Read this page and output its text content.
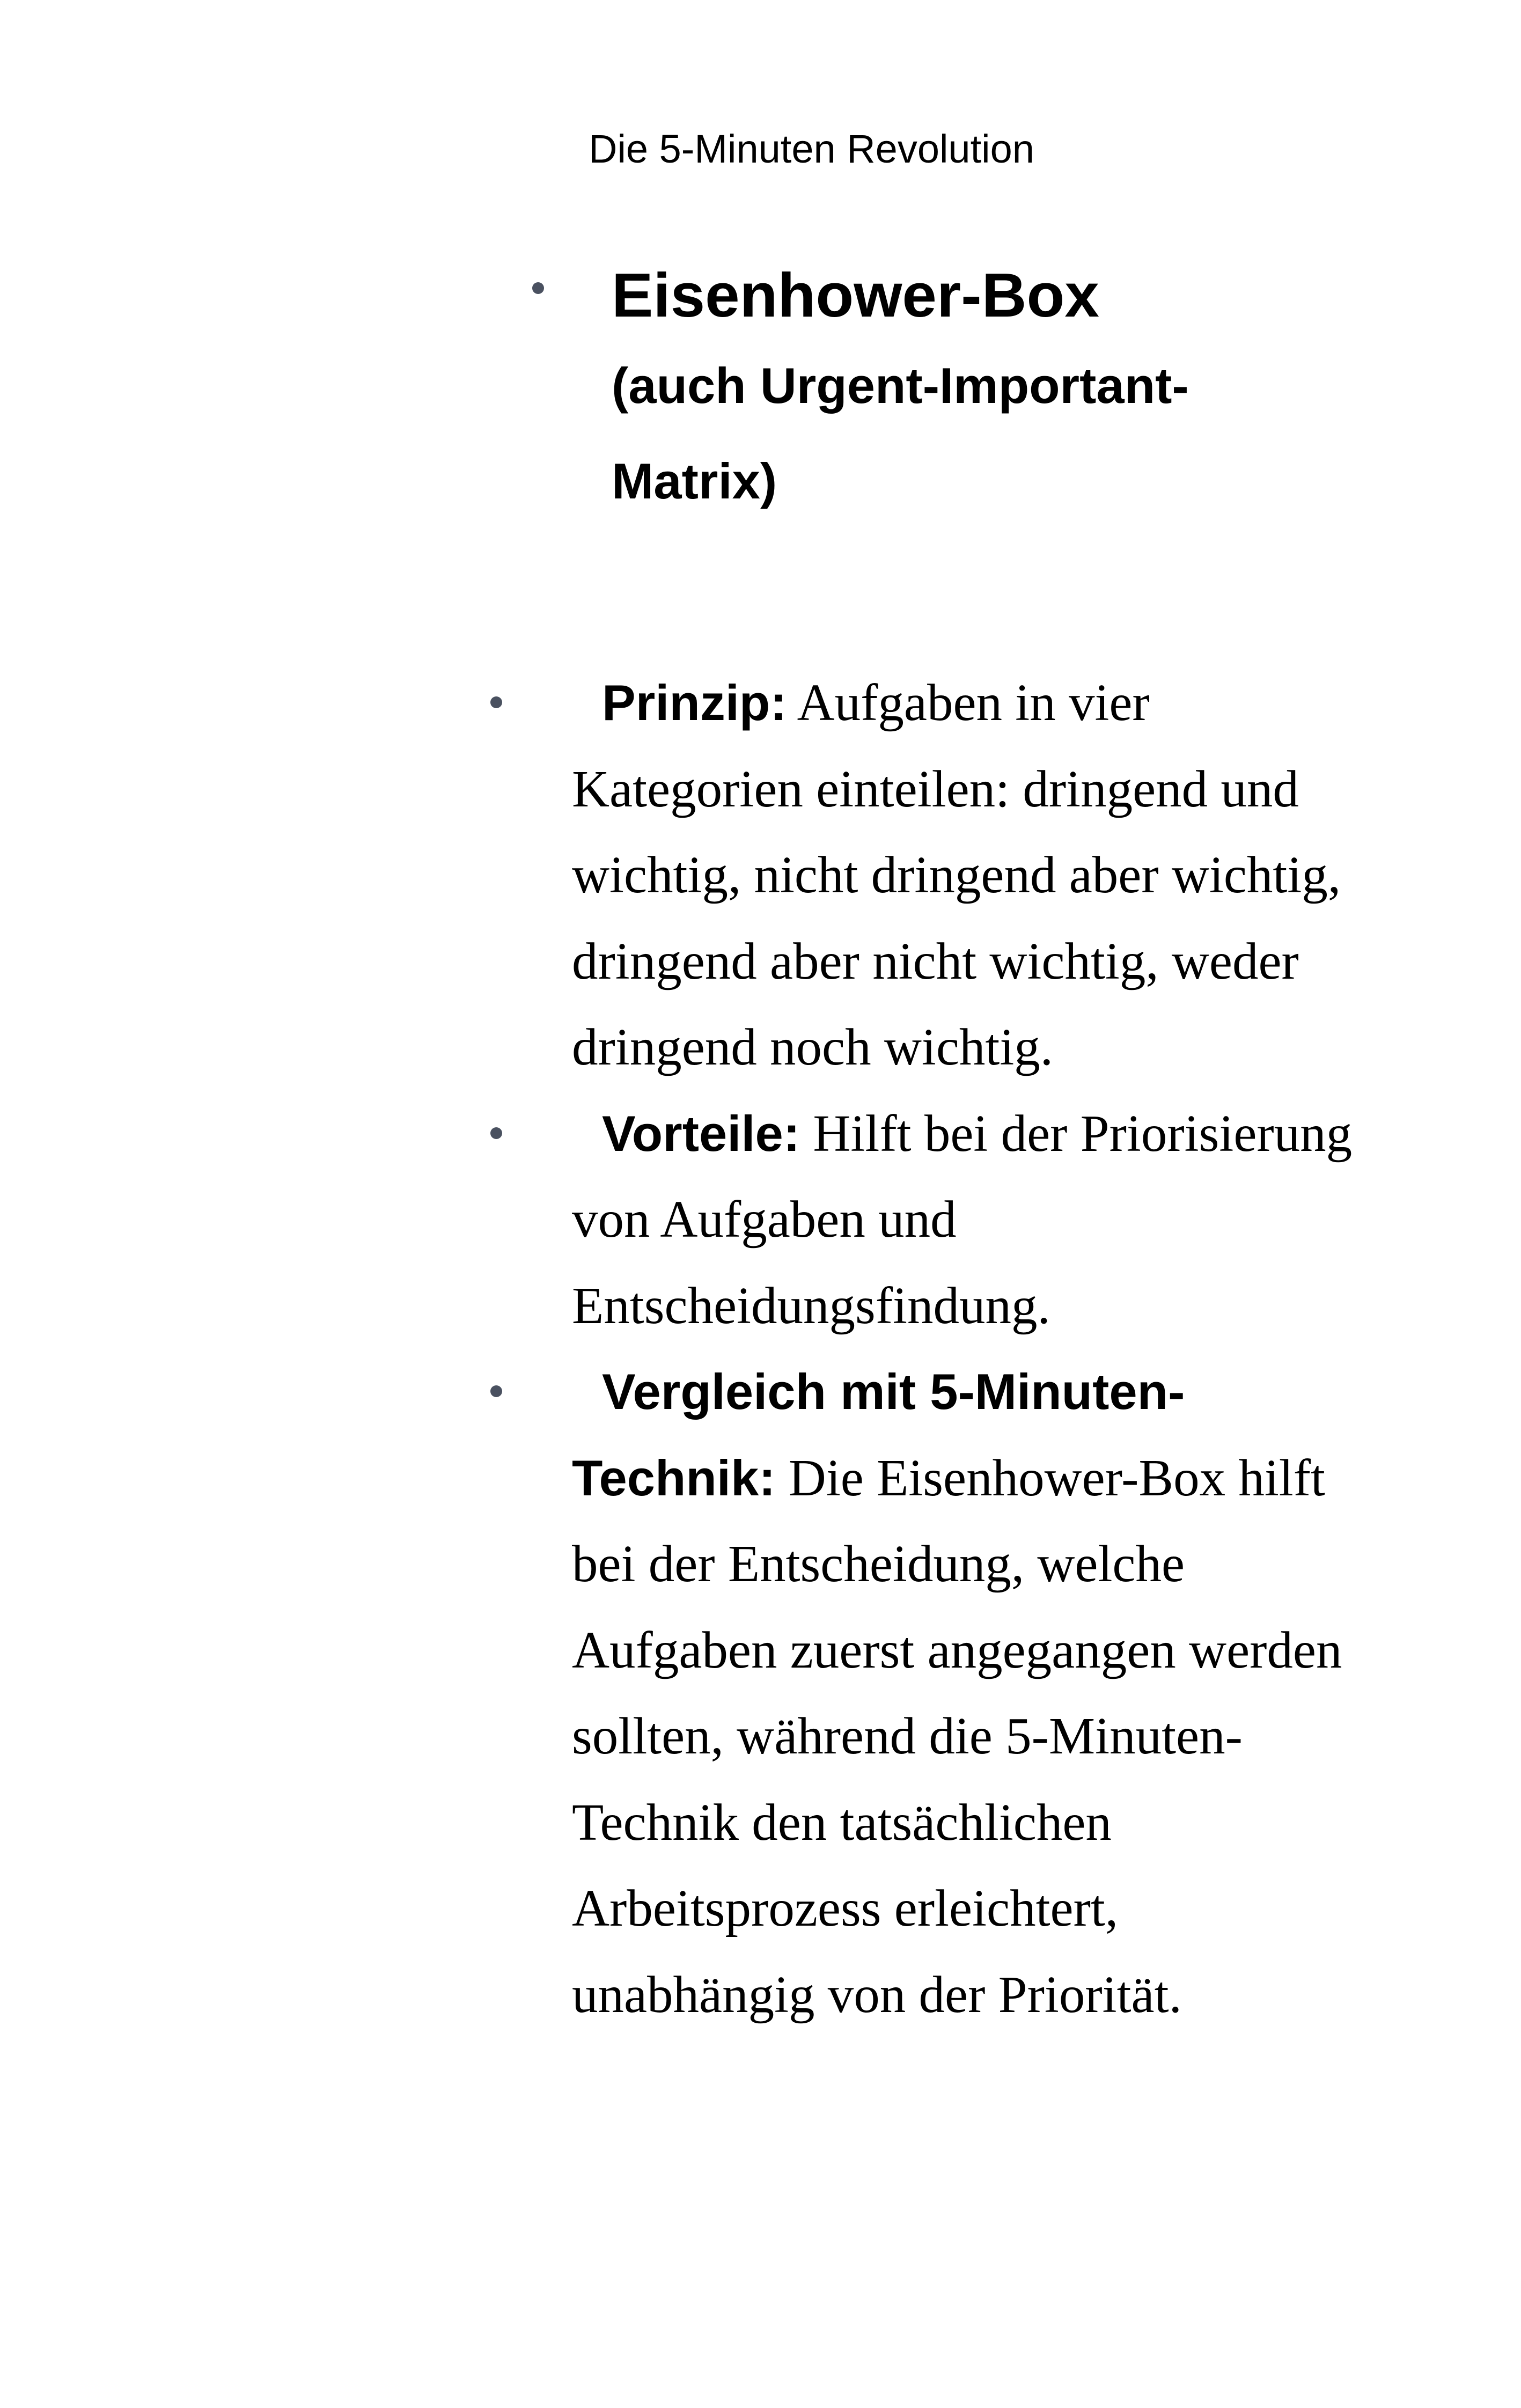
Die 5-Minuten Revolution
Eisenhower-Box

(auch Urgent-Important-Matrix)

Prinzip: Aufgaben in vier Kategorien einteilen: dringend und wichtig, nicht dringend aber wichtig, dringend aber nicht wichtig, weder dringend noch wichtig.
Vorteile: Hilft bei der Priorisierung von Aufgaben und Entscheidungsfindung.
Vergleich mit 5-Minuten-Technik: Die Eisenhower-Box hilft bei der Entscheidung, welche Aufgaben zuerst angegangen werden sollten, während die 5-Minuten-Technik den tatsächlichen Arbeitsprozess erleichtert, unabhängig von der Priorität.
